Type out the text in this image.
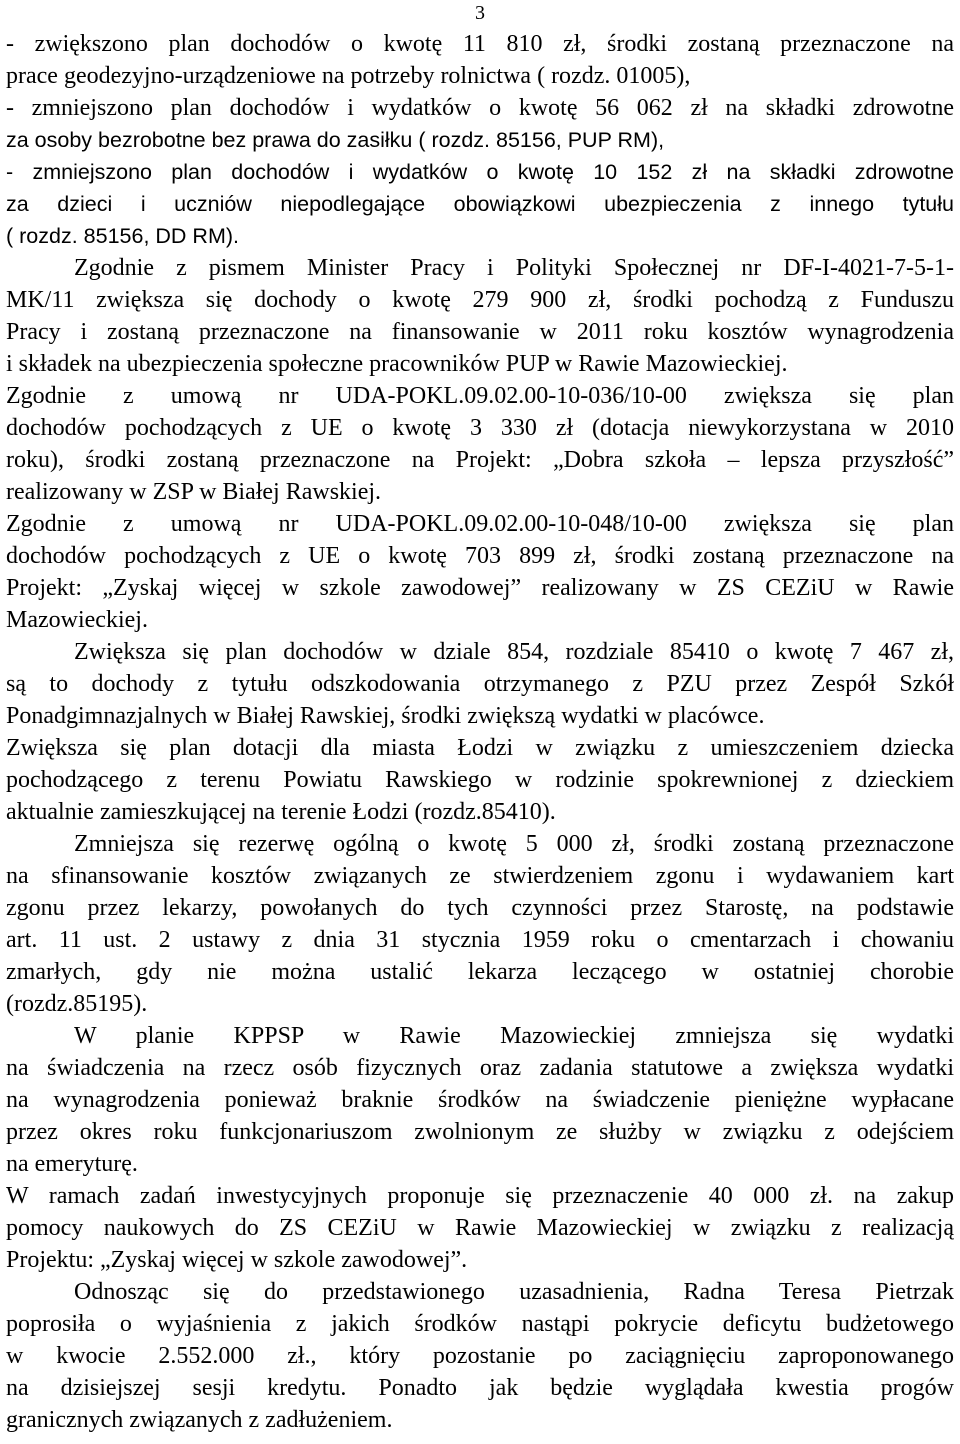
3
- zwiększono plan dochodów o kwotę 11 810 zł, środki zostaną przeznaczone na
prace geodezyjno-urządzeniowe na potrzeby rolnictwa ( rozdz. 01005),
- zmniejszono plan dochodów i wydatków o kwotę 56 062 zł na składki zdrowotne
za osoby bezrobotne bez prawa do zasiłku ( rozdz. 85156, PUP RM),
- zmniejszono plan dochodów i wydatków o kwotę 10 152 zł na składki zdrowotne
za dzieci i uczniów niepodlegające obowiązkowi ubezpieczenia z innego tytułu
( rozdz. 85156, DD RM).
Zgodnie z pismem Minister Pracy i Polityki Społecznej nr DF-I-4021-7-5-1-
MK/11 zwiększa się dochody o kwotę 279 900 zł, środki pochodzą z Funduszu
Pracy i zostaną przeznaczone na finansowanie w 2011 roku kosztów wynagrodzenia
i składek na ubezpieczenia społeczne pracowników PUP w Rawie Mazowieckiej.
Zgodnie z umową nr UDA-POKL.09.02.00-10-036/10-00 zwiększa się plan
dochodów pochodzących z UE o kwotę 3 330 zł (dotacja niewykorzystana w 2010
roku), środki zostaną przeznaczone na Projekt: „Dobra szkoła – lepsza przyszłość”
realizowany w ZSP w Białej Rawskiej.
Zgodnie z umową nr UDA-POKL.09.02.00-10-048/10-00 zwiększa się plan
dochodów pochodzących z UE o kwotę 703 899 zł, środki zostaną przeznaczone na
Projekt: „Zyskaj więcej w szkole zawodowej” realizowany w ZS CEZiU w Rawie
Mazowieckiej.
Zwiększa się plan dochodów w dziale 854, rozdziale 85410 o kwotę 7 467 zł,
są to dochody z tytułu odszkodowania otrzymanego z PZU przez Zespół Szkół
Ponadgimnazjalnych w Białej Rawskiej, środki zwiększą wydatki w placówce.
Zwiększa się plan dotacji dla miasta Łodzi w związku z umieszczeniem dziecka
pochodzącego z terenu Powiatu Rawskiego w rodzinie spokrewnionej z dzieckiem
aktualnie zamieszkującej na terenie Łodzi (rozdz.85410).
Zmniejsza się rezerwę ogólną o kwotę 5 000 zł, środki zostaną przeznaczone
na sfinansowanie kosztów związanych ze stwierdzeniem zgonu i wydawaniem kart
zgonu przez lekarzy, powołanych do tych czynności przez Starostę, na podstawie
art. 11 ust. 2 ustawy z dnia 31 stycznia 1959 roku o cmentarzach i chowaniu
zmarłych, gdy nie można ustalić lekarza leczącego w ostatniej chorobie
(rozdz.85195).
W planie KPPSP w Rawie Mazowieckiej zmniejsza się wydatki
na świadczenia na rzecz osób fizycznych oraz zadania statutowe a zwiększa wydatki
na wynagrodzenia ponieważ braknie środków na świadczenie pieniężne wypłacane
przez okres roku funkcjonariuszom zwolnionym ze służby w związku z odejściem
na emeryturę.
W ramach zadań inwestycyjnych proponuje się przeznaczenie 40 000 zł. na zakup
pomocy naukowych do ZS CEZiU w Rawie Mazowieckiej w związku z realizacją
Projektu: „Zyskaj więcej w szkole zawodowej”.
Odnosząc się do przedstawionego uzasadnienia, Radna Teresa Pietrzak
poprosiła o wyjaśnienia z jakich środków nastąpi pokrycie deficytu budżetowego
w kwocie 2.552.000 zł., który pozostanie po zaciągnięciu zaproponowanego
na dzisiejszej sesji kredytu. Ponadto jak będzie wyglądała kwestia progów
granicznych związanych z zadłużeniem.
